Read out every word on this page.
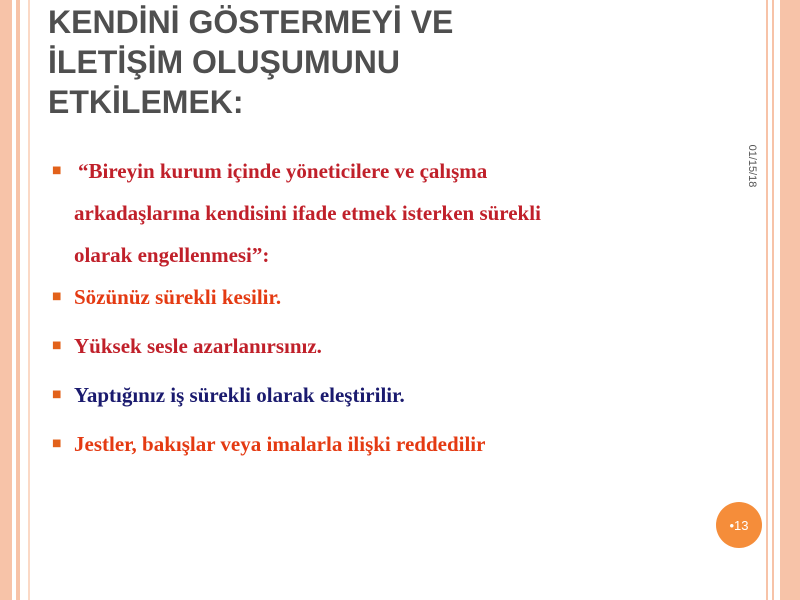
KENDİNİ GÖSTERMEYİ VE
İLETİŞİM OLUŞUMUNU
ETKİLEMEK:
01/15/18
■ “Bireyin kurum içinde yöneticilere ve çalışma
arkadaşlarına kendisini ifade etmek isterken sürekli
olarak engellenmesi”:
■ Sözünüz sürekli kesilir.
■ Yüksek sesle azarlanırsınız.
■ Yaptığınız iş sürekli olarak eleştirilir.
■ Jestler, bakışlar veya imalarla ilişki reddedilir
•13
